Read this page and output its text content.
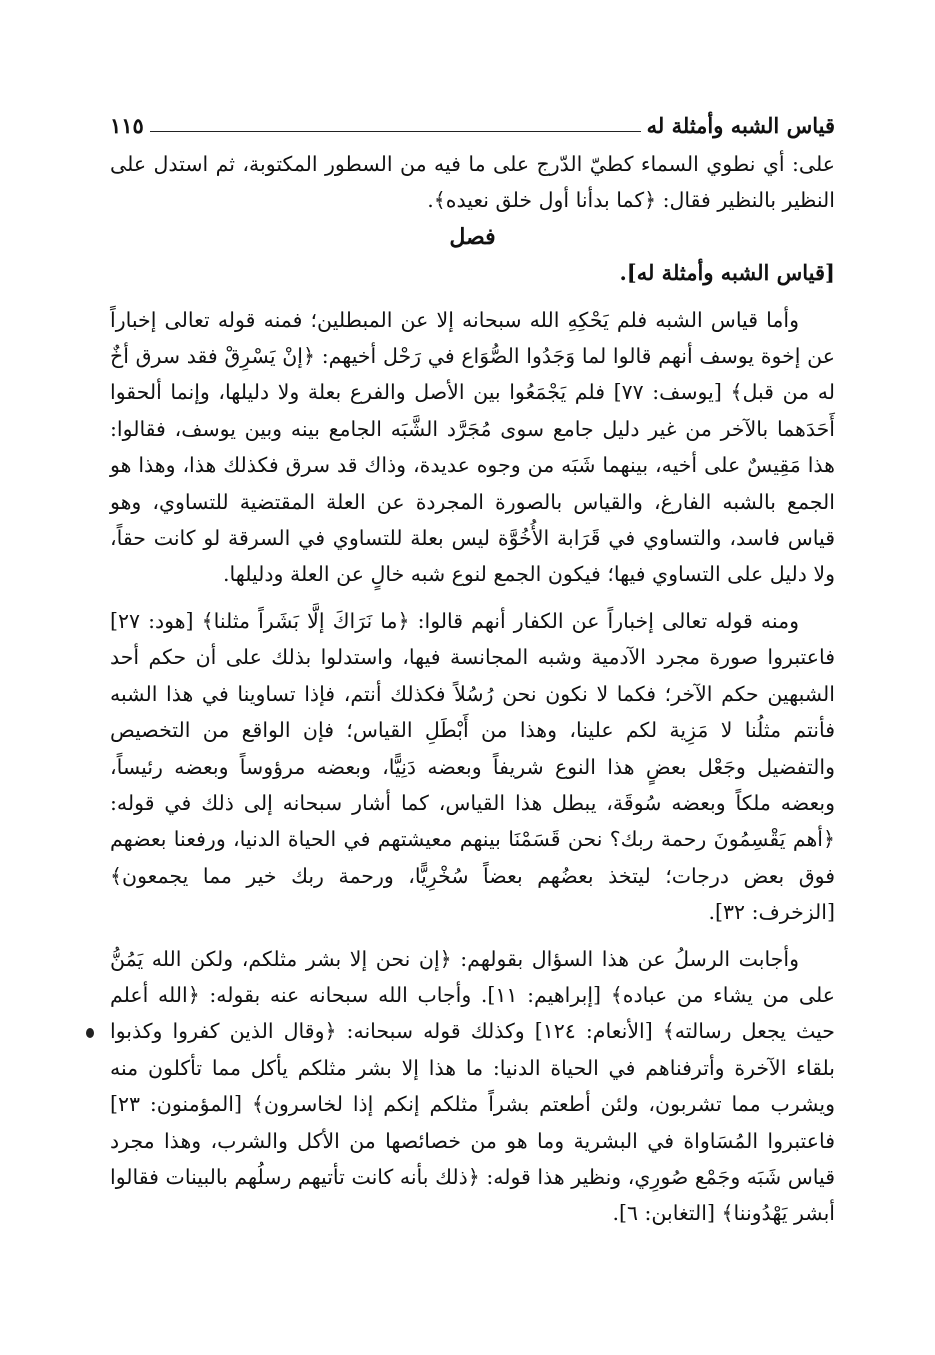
قياس الشبه وأمثلة له
١١٥

على: أي نطوي السماء كطيّ الدّرج على ما فيه من السطور المكتوبة، ثم استدل على النظير بالنظير فقال: ﴿كما بدأنا أول خلق نعيده﴾.

فصل

[قياس الشبه وأمثلة له].

وأما قياس الشبه فلم يَحْكِهِ الله سبحانه إلا عن المبطلين؛ فمنه قوله تعالى إخباراً عن إخوة يوسف أنهم قالوا لما وَجَدُوا الصُّوَاع في رَحْل أخيهم: ﴿إنْ يَسْرِقْ فقد سرق أخٌ له من قبل﴾ [يوسف: ٧٧] فلم يَجْمَعُوا بين الأصل والفرع بعلة ولا دليلها، وإنما ألحقوا أَحَدَهما بالآخر من غير دليل جامع سوى مُجَرَّد الشَّبَه الجامع بينه وبين يوسف، فقالوا: هذا مَقِيسٌ على أخيه، بينهما شَبَه من وجوه عديدة، وذاك قد سرق فكذلك هذا، وهذا هو الجمع بالشبه الفارغ، والقياس بالصورة المجردة عن العلة المقتضية للتساوي، وهو قياس فاسد، والتساوي في قَرَابة الأُخُوَّة ليس بعلة للتساوي في السرقة لو كانت حقاً، ولا دليل على التساوي فيها؛ فيكون الجمع لنوع شبه خالٍ عن العلة ودليلها.

ومنه قوله تعالى إخباراً عن الكفار أنهم قالوا: ﴿ما نَرَاكَ إلَّا بَشَراً مثلنا﴾ [هود: ٢٧] فاعتبروا صورة مجرد الآدمية وشبه المجانسة فيها، واستدلوا بذلك على أن حكم أحد الشبهين حكم الآخر؛ فكما لا نكون نحن رُسُلاً فكذلك أنتم، فإذا تساوينا في هذا الشبه فأنتم مثلُنا لا مَزِية لكم علينا، وهذا من أَبْطَلِ القياس؛ فإن الواقع من التخصيص والتفضيل وجَعْل بعضٍ هذا النوع شريفاً وبعضه دَنِيًّا، وبعضه مرؤوساً وبعضه رئيساً، وبعضه ملكاً وبعضه سُوقَة، يبطل هذا القياس، كما أشار سبحانه إلى ذلك في قوله: ﴿أهم يَقْسِمُونَ رحمة ربك؟ نحن قَسَمْنَا بينهم معيشتهم في الحياة الدنيا، ورفعنا بعضهم فوق بعض درجات؛ ليتخذ بعضُهم بعضاً سُخْرِيًّا، ورحمة ربك خير مما يجمعون﴾ [الزخرف: ٣٢].

وأجابت الرسلُ عن هذا السؤال بقولهم: ﴿إن نحن إلا بشر مثلكم، ولكن الله يَمُنُّ على من يشاء من عباده﴾ [إبراهيم: ١١]. وأجاب الله سبحانه عنه بقوله: ﴿الله أعلم حيث يجعل رسالته﴾ [الأنعام: ١٢٤] وكذلك قوله سبحانه: ﴿وقال الذين كفروا وكذبوا بلقاء الآخرة وأترفناهم في الحياة الدنيا: ما هذا إلا بشر مثلكم يأكل مما تأكلون منه ويشرب مما تشربون، ولئن أطعتم بشراً مثلكم إنكم إذا لخاسرون﴾ [المؤمنون: ٢٣] فاعتبروا المُسَاواة في البشرية وما هو من خصائصها من الأكل والشرب، وهذا مجرد قياس شَبَه وجَمْع صُورِي، ونظير هذا قوله: ﴿ذلك بأنه كانت تأتيهم رسلُهم بالبينات فقالوا أبشر يَهْدُوننا﴾ [التغابن: ٦].
